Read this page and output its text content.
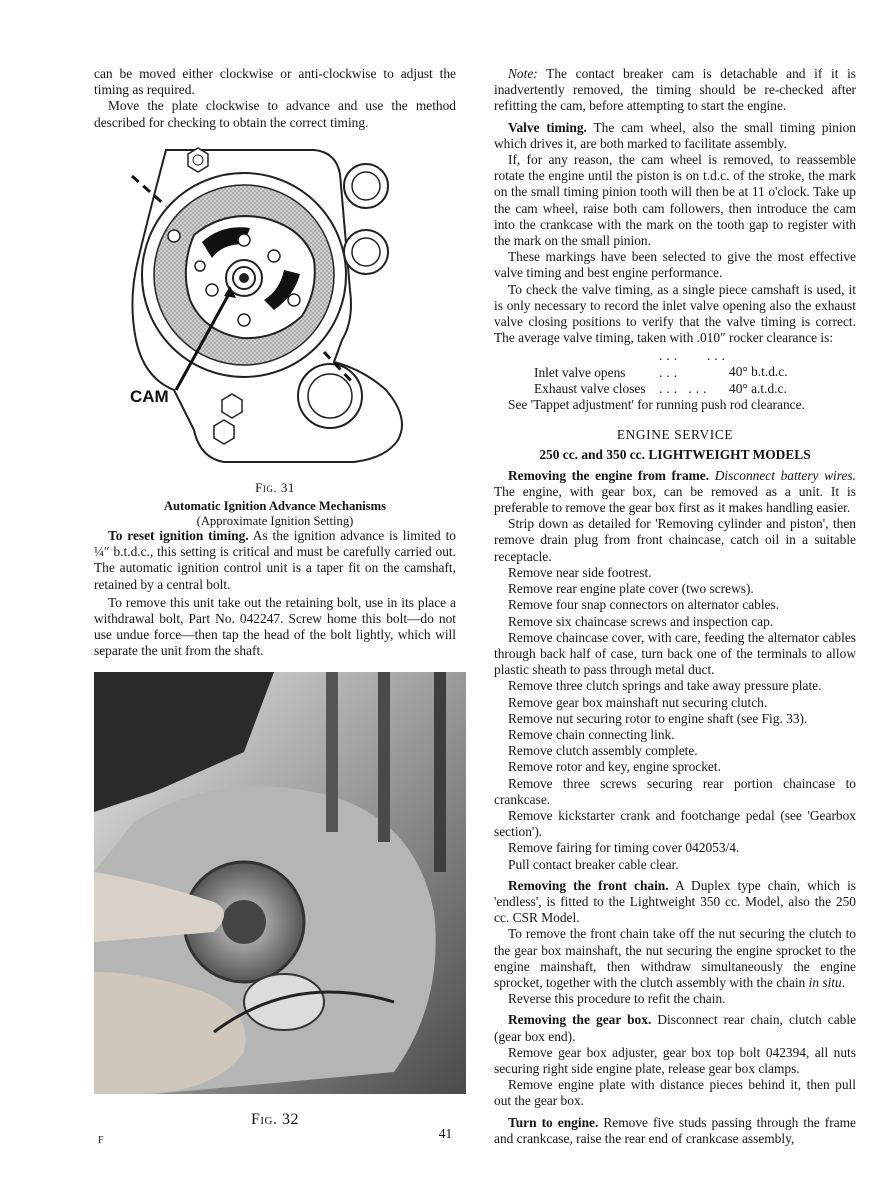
can be moved either clockwise or anti-clockwise to adjust the timing as required.

Move the plate clockwise to advance and use the method described for checking to obtain the correct timing.

CAM
Fig. 31
Automatic Ignition Advance Mechanisms
(Approximate Ignition Setting)

To reset ignition timing. As the ignition advance is limited to ¼″ b.t.d.c., this setting is critical and must be carefully carried out. The automatic ignition control unit is a taper fit on the camshaft, retained by a central bolt.

To remove this unit take out the retaining bolt, use in its place a withdrawal bolt, Part No. 042247. Screw home this bolt—do not use undue force—then tap the head of the bolt lightly, which will separate the unit from the shaft.

Fig. 32

Note: The contact breaker cam is detachable and if it is inadvertently removed, the timing should be re-checked after refitting the cam, before attempting to start the engine.

Valve timing. The cam wheel, also the small timing pinion which drives it, are both marked to facilitate assembly.

If, for any reason, the cam wheel is removed, to reassemble rotate the engine until the piston is on t.d.c. of the stroke, the mark on the small timing pinion tooth will then be at 11 o'clock. Take up the cam wheel, raise both cam followers, then introduce the cam into the crankcase with the mark on the tooth gap to register with the mark on the small pinion.

These markings have been selected to give the most effective valve timing and best engine performance.

To check the valve timing, as a single piece camshaft is used, it is only necessary to record the inlet valve opening also the exhaust valve closing positions to verify that the valve timing is correct. The average valve timing, taken with .010″ rocker clearance is:

Inlet valve opens... ... ...	40° b.t.d.c.
Exhaust valve closes ... ... 40° a.t.d.c.

See 'Tappet adjustment' for running push rod clearance.

ENGINE SERVICE
250 cc. and 350 cc. LIGHTWEIGHT MODELS

Removing the engine from frame. Disconnect battery wires. The engine, with gear box, can be removed as a unit. It is preferable to remove the gear box first as it makes handling easier.

Strip down as detailed for 'Removing cylinder and piston', then remove drain plug from front chaincase, catch oil in a suitable receptacle.

Remove near side footrest.

Remove rear engine plate cover (two screws).

Remove four snap connectors on alternator cables.

Remove six chaincase screws and inspection cap.

Remove chaincase cover, with care, feeding the alternator cables through back half of case, turn back one of the terminals to allow plastic sheath to pass through metal duct.

Remove three clutch springs and take away pressure plate.

Remove gear box mainshaft nut securing clutch.

Remove nut securing rotor to engine shaft (see Fig. 33).

Remove chain connecting link.

Remove clutch assembly complete.

Remove rotor and key, engine sprocket.

Remove three screws securing rear portion chaincase to crankcase.

Remove kickstarter crank and footchange pedal (see 'Gearbox section').

Remove fairing for timing cover 042053/4.

Pull contact breaker cable clear.

Removing the front chain. A Duplex type chain, which is 'endless', is fitted to the Lightweight 350 cc. Model, also the 250 cc. CSR Model.

To remove the front chain take off the nut securing the clutch to the gear box mainshaft, the nut securing the engine sprocket to the engine mainshaft, then withdraw simultaneously the engine sprocket, together with the clutch assembly with the chain in situ.

Reverse this procedure to refit the chain.

Removing the gear box. Disconnect rear chain, clutch cable (gear box end).

Remove gear box adjuster, gear box top bolt 042394, all nuts securing right side engine plate, release gear box clamps.

Remove engine plate with distance pieces behind it, then pull out the gear box.

Turn to engine. Remove five studs passing through the frame and crankcase, raise the rear end of crankcase assembly,

41
F
